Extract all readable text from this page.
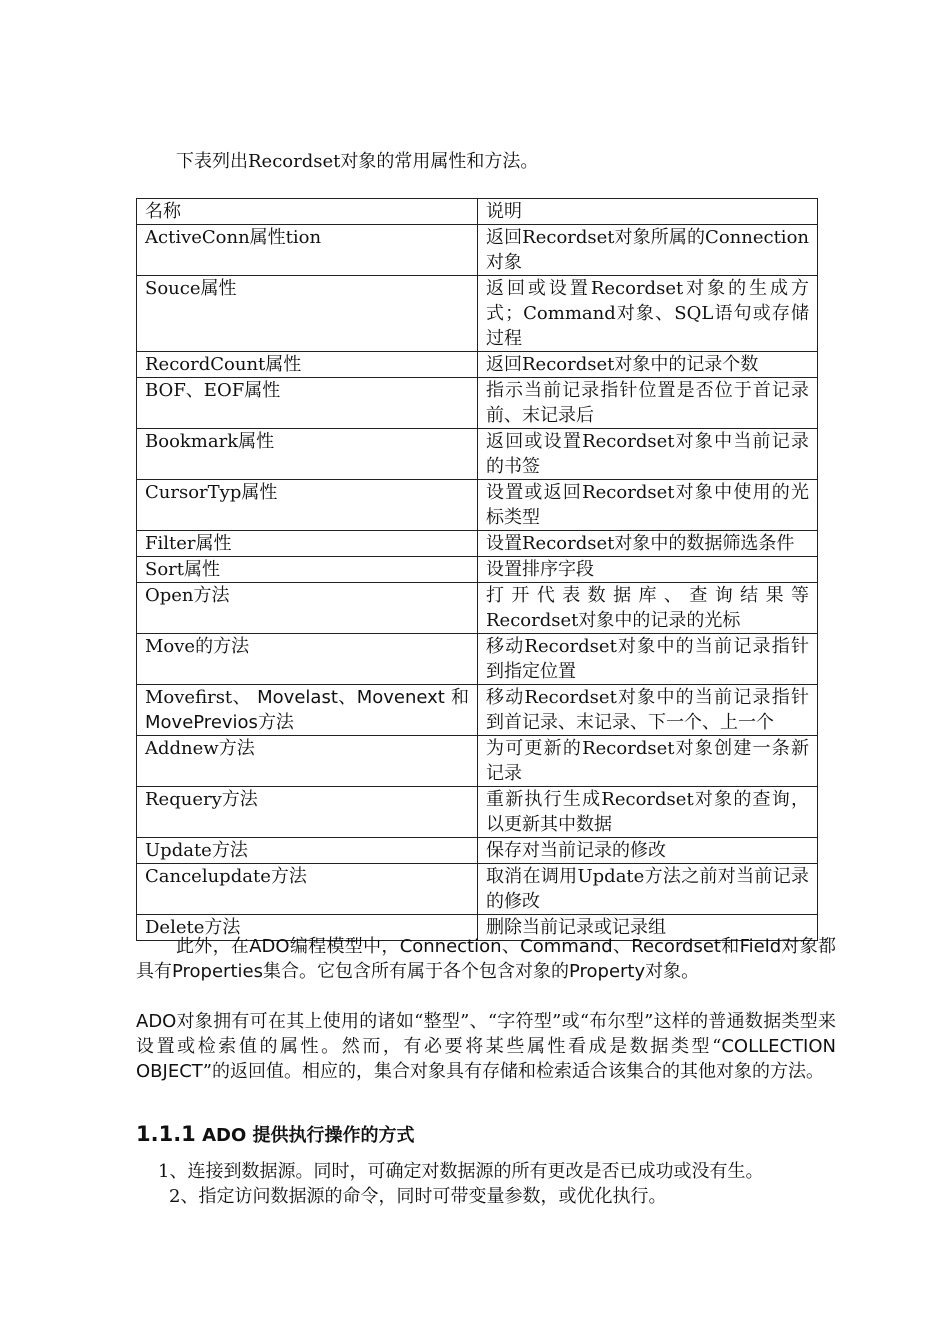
下表列出Recordset对象的常用属性和方法。
名称	说明
ActiveConn属性tion	返回Recordset对象所属的Connection对象
Souce属性	返回或设置Recordset对象的生成方式；Command对象、SQL语句或存储过程
RecordCount属性	返回Recordset对象中的记录个数
BOF、EOF属性	指示当前记录指针位置是否位于首记录前、末记录后
Bookmark属性	返回或设置Recordset对象中当前记录的书签
CursorTyp属性	设置或返回Recordset对象中使用的光标类型
Filter属性	设置Recordset对象中的数据筛选条件
Sort属性	设置排序字段
Open方法	打开代表数据库、查询结果等Recordset对象中的记录的光标
Move的方法	移动Recordset对象中的当前记录指针到指定位置
Movefirst、 Movelast、Movenext 和 MovePrevios方法	移动Recordset对象中的当前记录指针到首记录、末记录、下一个、上一个
Addnew方法	为可更新的Recordset对象创建一条新记录
Requery方法	重新执行生成Recordset对象的查询，以更新其中数据
Update方法	保存对当前记录的修改
Cancelupdate方法	取消在调用Update方法之前对当前记录的修改
Delete方法	删除当前记录或记录组
此外，在ADO编程模型中，Connection、Command、Recordset和Field对象都具有Properties集合。它包含所有属于各个包含对象的Property对象。
ADO对象拥有可在其上使用的诸如“整型”、“字符型”或“布尔型”这样的普通数据类型来设置或检索值的属性。然而，有必要将某些属性看成是数据类型“COLLECTION OBJECT”的返回值。相应的，集合对象具有存储和检索适合该集合的其他对象的方法。
1.1.1 ADO 提供执行操作的方式
1、连接到数据源。同时，可确定对数据源的所有更改是否已成功或没有生。
2、指定访问数据源的命令，同时可带变量参数，或优化执行。
